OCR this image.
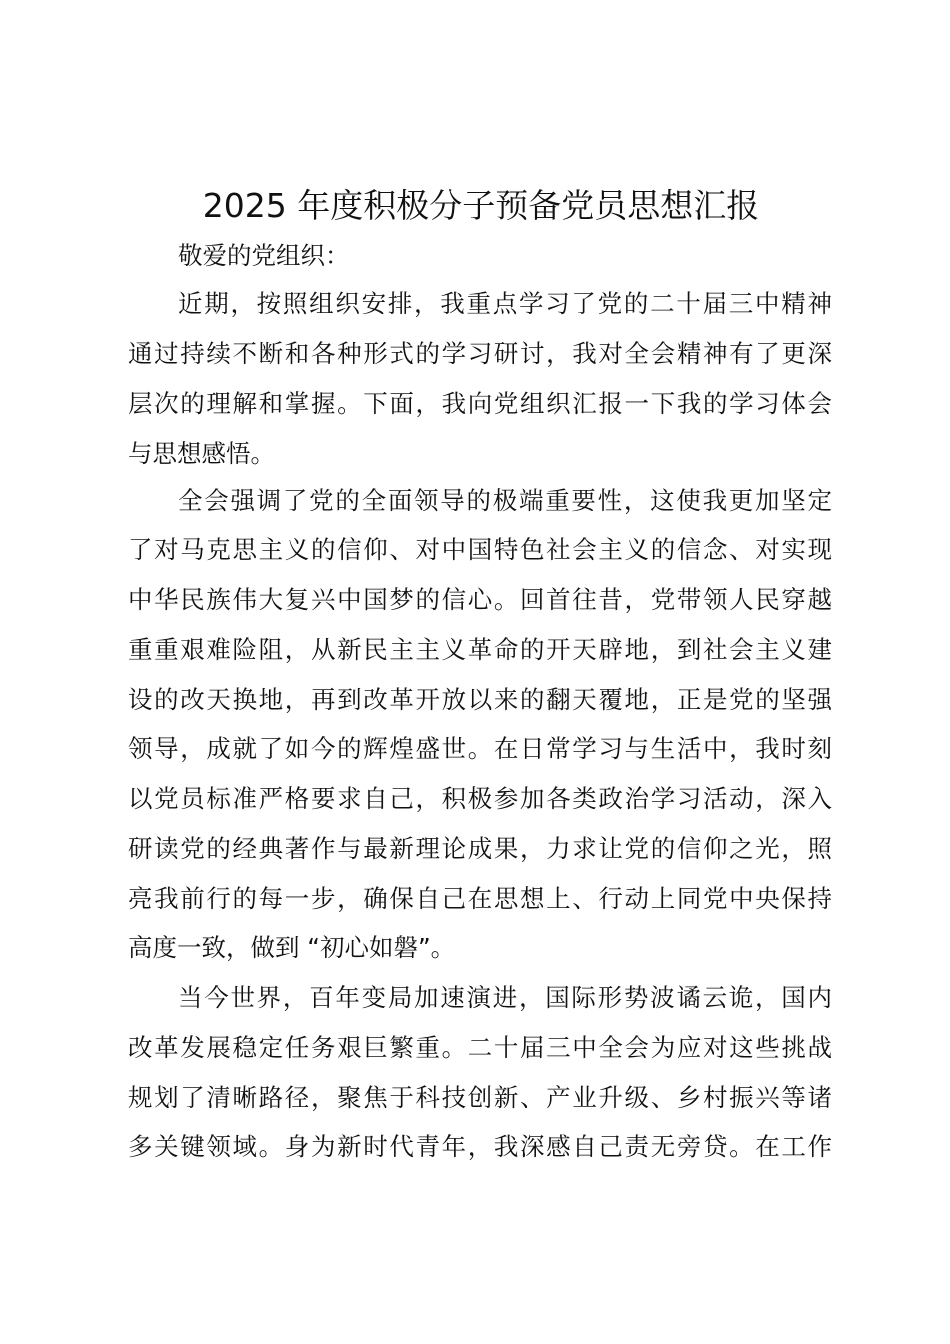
2025 年度积极分子预备党员思想汇报
敬爱的党组织：
近期，按照组织安排，我重点学习了党的二十届三中精神
通过持续不断和各种形式的学习研讨，我对全会精神有了更深
层次的理解和掌握。下面，我向党组织汇报一下我的学习体会
与思想感悟。
全会强调了党的全面领导的极端重要性，这使我更加坚定
了对马克思主义的信仰、对中国特色社会主义的信念、对实现
中华民族伟大复兴中国梦的信心。回首往昔，党带领人民穿越
重重艰难险阻，从新民主主义革命的开天辟地，到社会主义建
设的改天换地，再到改革开放以来的翻天覆地，正是党的坚强
领导，成就了如今的辉煌盛世。在日常学习与生活中，我时刻
以党员标准严格要求自己，积极参加各类政治学习活动，深入
研读党的经典著作与最新理论成果，力求让党的信仰之光，照
亮我前行的每一步，确保自己在思想上、行动上同党中央保持
高度一致，做到 “初心如磐”。
当今世界，百年变局加速演进，国际形势波谲云诡，国内
改革发展稳定任务艰巨繁重。二十届三中全会为应对这些挑战
规划了清晰路径，聚焦于科技创新、产业升级、乡村振兴等诸
多关键领域。身为新时代青年，我深感自己责无旁贷。在工作
